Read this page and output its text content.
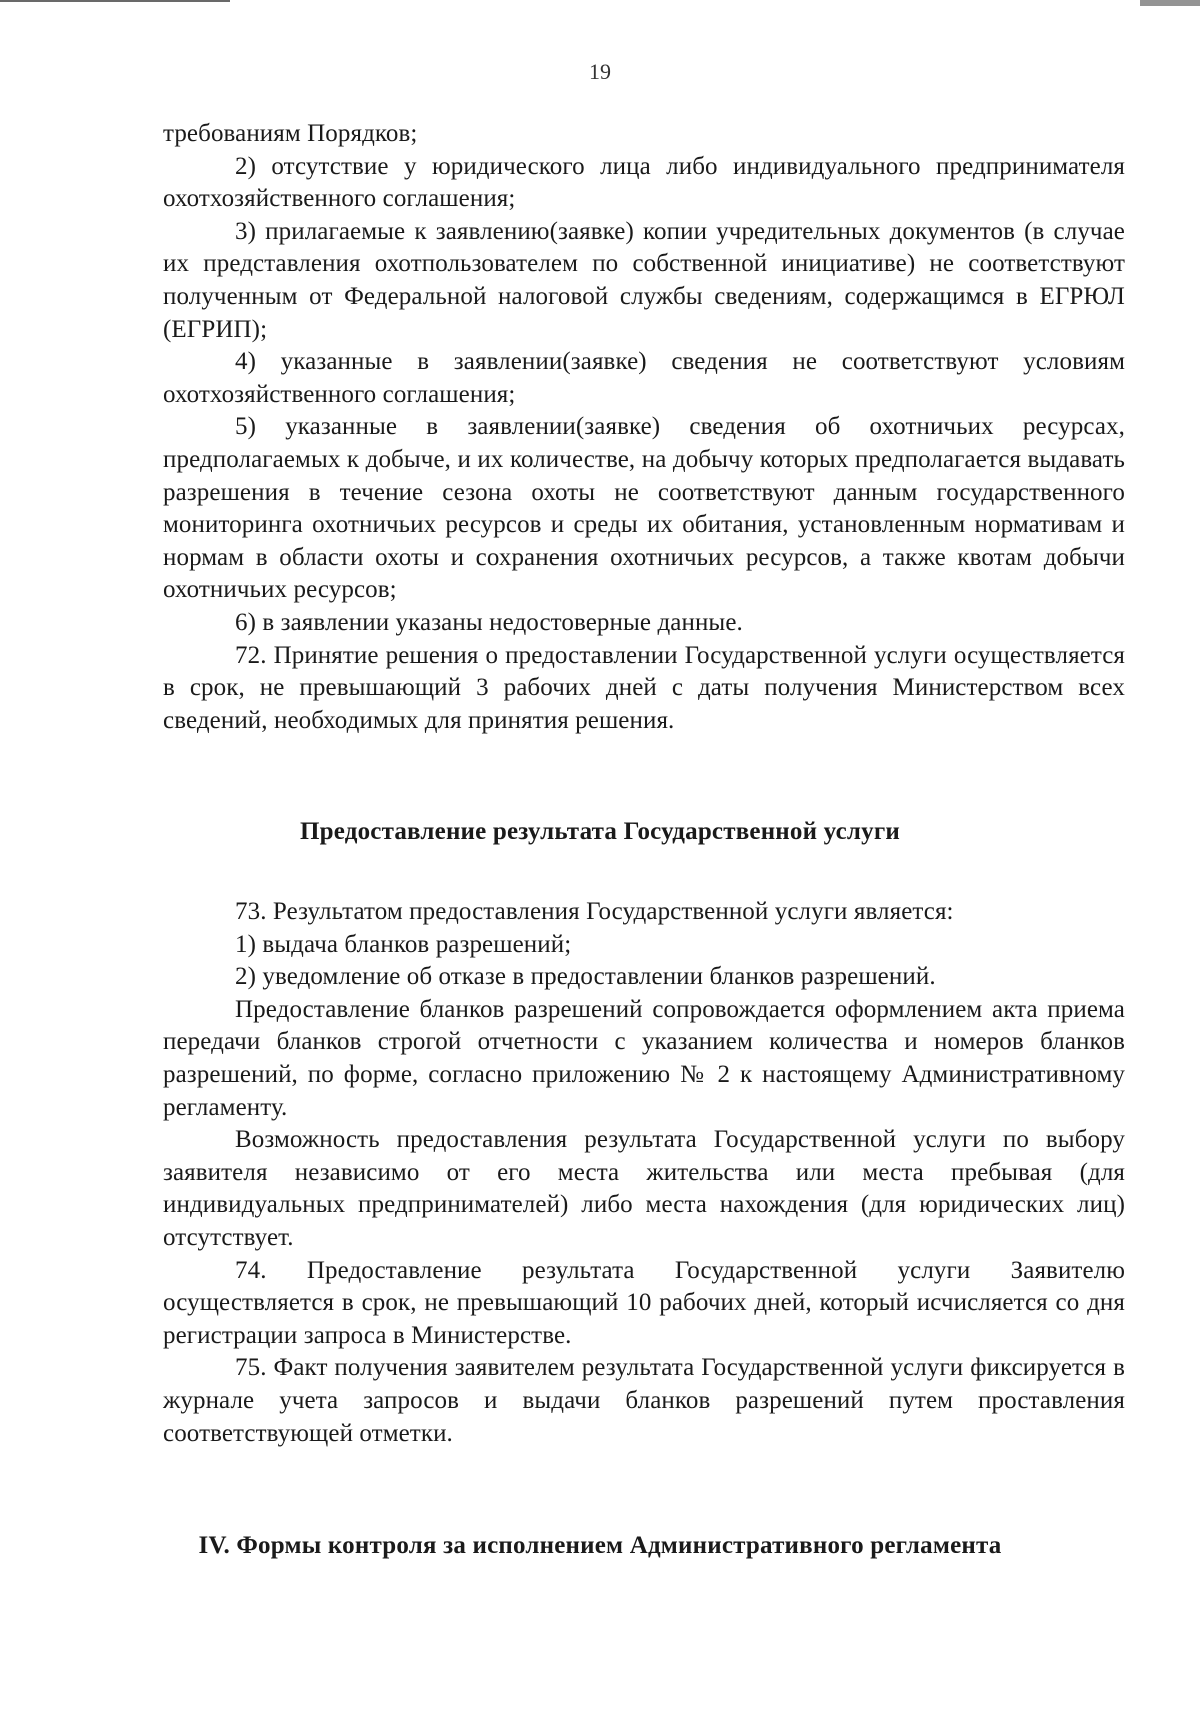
19

требованиям Порядков;

2) отсутствие у юридического лица либо индивидуального предпринимателя охотхозяйственного соглашения;

3) прилагаемые к заявлению(заявке) копии учредительных документов (в случае их представления охотпользователем по собственной инициативе) не соответствуют полученным от Федеральной налоговой службы сведениям, содержащимся в ЕГРЮЛ (ЕГРИП);

4) указанные в заявлении(заявке) сведения не соответствуют условиям охотхозяйственного соглашения;

5) указанные в заявлении(заявке) сведения об охотничьих ресурсах, предполагаемых к добыче, и их количестве, на добычу которых предполагается выдавать разрешения в течение сезона охоты не соответствуют данным государственного мониторинга охотничьих ресурсов и среды их обитания, установленным нормативам и нормам в области охоты и сохранения охотничьих ресурсов, а также квотам добычи охотничьих ресурсов;

6) в заявлении указаны недостоверные данные.

72. Принятие решения о предоставлении Государственной услуги осуществляется в срок, не превышающий 3 рабочих дней с даты получения Министерством всех сведений, необходимых для принятия решения.

Предоставление результата Государственной услуги

73. Результатом предоставления Государственной услуги является:

1) выдача бланков разрешений;

2) уведомление об отказе в предоставлении бланков разрешений.

Предоставление бланков разрешений сопровождается оформлением акта приема передачи бланков строгой отчетности с указанием количества и номеров бланков разрешений, по форме, согласно приложению № 2 к настоящему Административному регламенту.

Возможность предоставления результата Государственной услуги по выбору заявителя независимо от его места жительства или места пребывая (для индивидуальных предпринимателей) либо места нахождения (для юридических лиц) отсутствует.

74. Предоставление результата Государственной услуги Заявителю осуществляется в срок, не превышающий 10 рабочих дней, который исчисляется со дня регистрации запроса в Министерстве.

75. Факт получения заявителем результата Государственной услуги фиксируется в журнале учета запросов и выдачи бланков разрешений путем проставления соответствующей отметки.

IV. Формы контроля за исполнением Административного регламента
